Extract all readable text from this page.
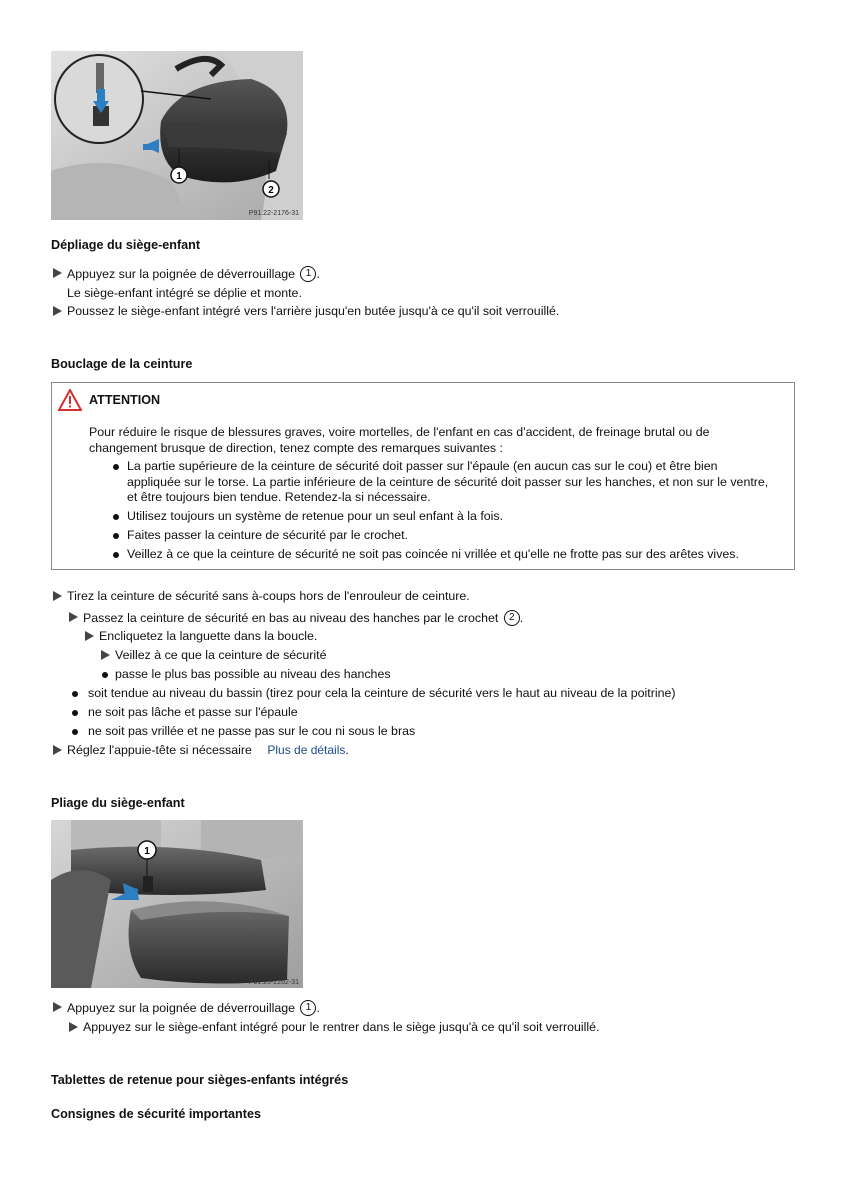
1
2
P91.22-2176-31
Dépliage du siège-enfant
Appuyez sur la poignée de déverrouillage 1 .
Le siège-enfant intégré se déplie et monte.
Poussez le siège-enfant intégré vers l'arrière jusqu'en butée jusqu'à ce qu'il soit verrouillé.
Bouclage de la ceinture
ATTENTION
Pour réduire le risque de blessures graves, voire mortelles, de l'enfant en cas d'accident, de freinage brutal ou de
changement brusque de direction, tenez compte des remarques suivantes :
La partie supérieure de la ceinture de sécurité doit passer sur l'épaule (en aucun cas sur le cou) et être bien
appliquée sur le torse. La partie inférieure de la ceinture de sécurité doit passer sur les hanches, et non sur le ventre,
et être toujours bien tendue. Retendez-la si nécessaire.
Utilisez toujours un système de retenue pour un seul enfant à la fois.
Faites passer la ceinture de sécurité par le crochet.
Veillez à ce que la ceinture de sécurité ne soit pas coincée ni vrillée et qu'elle ne frotte pas sur des arêtes vives.
Tirez la ceinture de sécurité sans à-coups hors de l'enrouleur de ceinture.
Passez la ceinture de sécurité en bas au niveau des hanches par le crochet 2 .
Encliquetez la languette dans la boucle.
Veillez à ce que la ceinture de sécurité
passe le plus bas possible au niveau des hanches
soit tendue au niveau du bassin (tirez pour cela la ceinture de sécurité vers le haut au niveau de la poitrine)
ne soit pas lâche et passe sur l'épaule
ne soit pas vrillée et ne passe pas sur le cou ni sous le bras
Réglez l'appuie-tête si nécessaire Plus de détails.
Pliage du siège-enfant
1
P91.20-2262-31
Appuyez sur la poignée de déverrouillage 1 .
Appuyez sur le siège-enfant intégré pour le rentrer dans le siège jusqu'à ce qu'il soit verrouillé.
Tablettes de retenue pour sièges-enfants intégrés
Consignes de sécurité importantes
